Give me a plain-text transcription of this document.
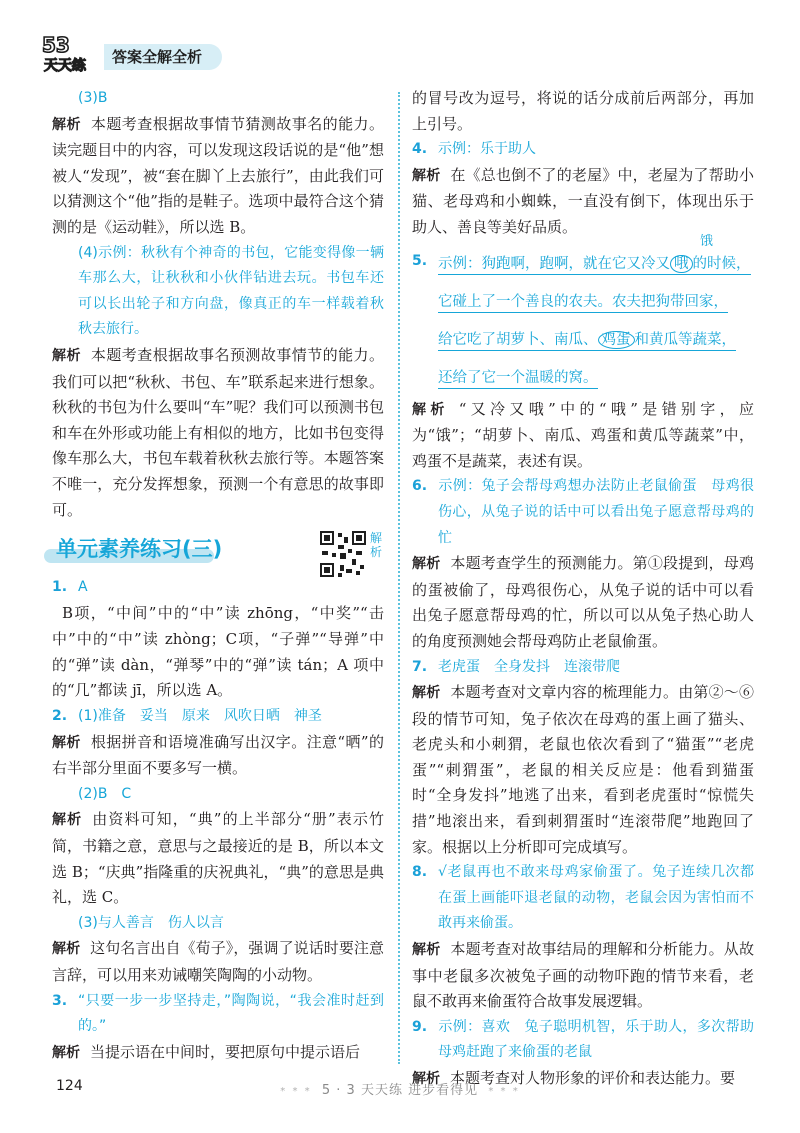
53
天天练	答案全解全析

(3)B

解析 本题考查根据故事情节猜测故事名的能力。读完题目中的内容，可以发现这段话说的是“他”想被人“发现”，被“套在脚丫上去旅行”，由此我们可以猜测这个“他”指的是鞋子。选项中最符合这个猜测的是《运动鞋》，所以选 B。

(4)示例：秋秋有个神奇的书包，它能变得像一辆车那么大，让秋秋和小伙伴钻进去玩。书包车还可以长出轮子和方向盘，像真正的车一样载着秋秋去旅行。

解析 本题考查根据故事名预测故事情节的能力。我们可以把“秋秋、书包、车”联系起来进行想象。秋秋的书包为什么要叫“车”呢？我们可以预测书包和车在外形或功能上有相似的地方，比如书包变得像车那么大，书包车载着秋秋去旅行等。本题答案不唯一，充分发挥想象，预测一个有意思的故事即可。

单元素养练习(三)	解析

1. A

B项，“中间”中的“中”读 zhōng，“中奖”“击中”中的“中”读 zhòng；C项，“子弹”“导弹”中的“弹”读 dàn，“弹琴”中的“弹”读 tán；A 项中的“几”都读 jī，所以选 A。

2. (1)准备　妥当　原来　风吹日晒　神圣

解析 根据拼音和语境准确写出汉字。注意“晒”的右半部分里面不要多写一横。

(2)B　C

解析 由资料可知，“典”的上半部分“册”表示竹简，书籍之意，意思与之最接近的是 B，所以本文选 B；“庆典”指隆重的庆祝典礼，“典”的意思是典礼，选 C。

(3)与人善言　伤人以言

解析 这句名言出自《荀子》，强调了说话时要注意言辞，可以用来劝诫嘲笑陶陶的小动物。

3. “只要一步一步坚持走，”陶陶说，“我会准时赶到的。”

解析 当提示语在中间时，要把原句中提示语后

的冒号改为逗号，将说的话分成前后两部分，再加上引号。

4. 示例：乐于助人

解析 在《总也倒不了的老屋》中，老屋为了帮助小猫、老母鸡和小蜘蛛，一直没有倒下，体现出乐于助人、善良等美好品质。

5. 示例：狗跑啊，跑啊，就在它又冷又 哦 的时候，
饿
它碰上了一个善良的农夫。农夫把狗带回家，
给它吃了胡萝卜、南瓜、 鸡蛋 和黄瓜等蔬菜，
还给了它一个温暖的窝。

解析 “又冷又哦”中的“哦”是错别字，应为“饿”；“胡萝卜、南瓜、鸡蛋和黄瓜等蔬菜”中，鸡蛋不是蔬菜，表述有误。

6. 示例：兔子会帮母鸡想办法防止老鼠偷蛋　母鸡很伤心，从兔子说的话中可以看出兔子愿意帮母鸡的忙

解析 本题考查学生的预测能力。第①段提到，母鸡的蛋被偷了，母鸡很伤心，从兔子说的话中可以看出兔子愿意帮母鸡的忙，所以可以从兔子热心助人的角度预测她会帮母鸡防止老鼠偷蛋。

7. 老虎蛋　全身发抖　连滚带爬

解析 本题考查对文章内容的梳理能力。由第②～⑥段的情节可知，兔子依次在母鸡的蛋上画了猫头、老虎头和小刺猬，老鼠也依次看到了“猫蛋”“老虎蛋”“刺猬蛋”，老鼠的相关反应是：他看到猫蛋时“全身发抖”地逃了出来，看到老虎蛋时“惊慌失措”地滚出来，看到刺猬蛋时“连滚带爬”地跑回了家。根据以上分析即可完成填写。

8. √老鼠再也不敢来母鸡家偷蛋了。兔子连续几次都在蛋上画能吓退老鼠的动物，老鼠会因为害怕而不敢再来偷蛋。

解析 本题考查对故事结局的理解和分析能力。从故事中老鼠多次被兔子画的动物吓跑的情节来看，老鼠不敢再来偷蛋符合故事发展逻辑。

9. 示例：喜欢　兔子聪明机智，乐于助人，多次帮助母鸡赶跑了来偷蛋的老鼠

解析 本题考查对人物形象的评价和表达能力。要

124	* * * 5 · 3 天天练 进步看得见 * * *
